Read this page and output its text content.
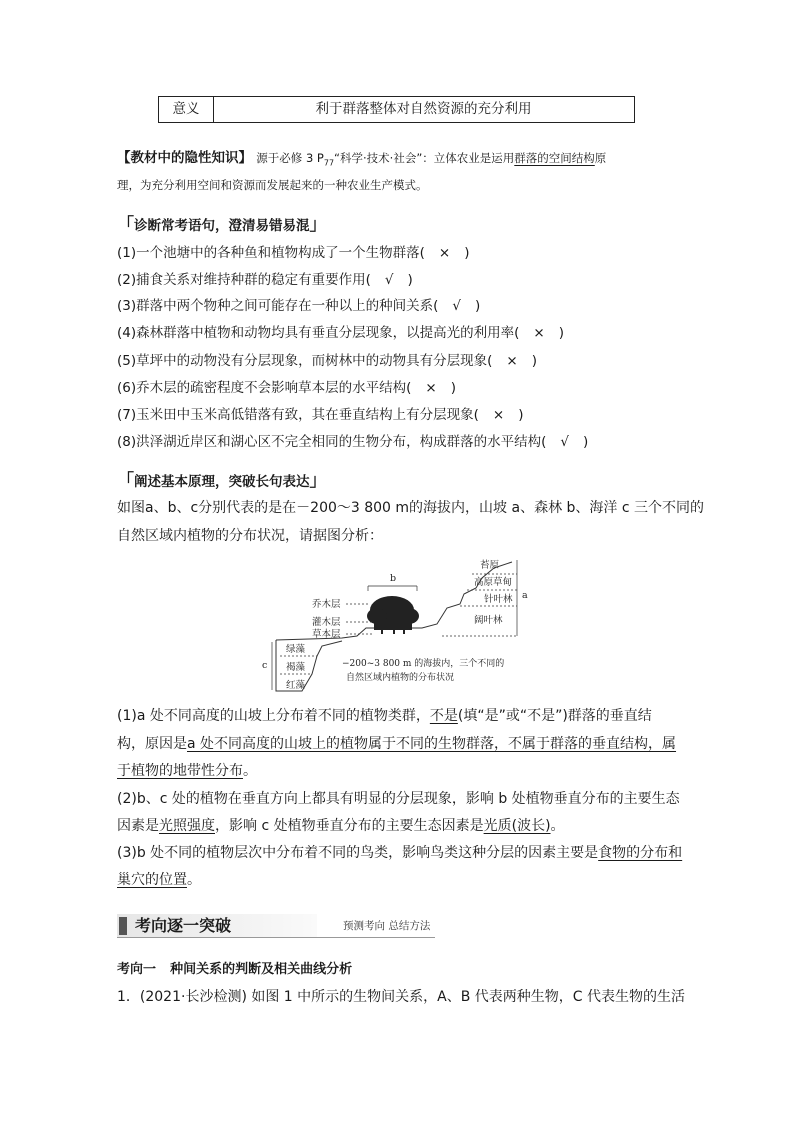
意义	利于群落整体对自然资源的充分利用
【教材中的隐性知识】 源于必修 3 $P_{77}“$科学·技术·社会”：立体农业是运用群落的空间结构原
理，为充分利用空间和资源而发展起来的一种农业生产模式。
「诊断常考语句，澄清易错易混」
(1)一个池塘中的各种鱼和植物构成了一个生物群落( × )
(2)捕食关系对维持种群的稳定有重要作用( √ )
(3)群落中两个物种之间可能存在一种以上的种间关系( √ )
(4)森林群落中植物和动物均具有垂直分层现象，以提高光的利用率( × )
(5)草坪中的动物没有分层现象，而树林中的动物具有分层现象( × )
(6)乔木层的疏密程度不会影响草本层的水平结构( × )
(7)玉米田中玉米高低错落有致，其在垂直结构上有分层现象( × )
(8)洪泽湖近岸区和湖心区不完全相同的生物分布，构成群落的水平结构( √ )
「阐述基本原理，突破长句表达」
如图a、b、c分别代表的是在－200～3 800 m的海拔内，山坡 a、森林 b、海洋 c 三个不同的
自然区域内植物的分布状况，请据图分析：
b
a
c
乔木层
灌木层
草本层
苔原
高原草甸
针叶林
阔叶林
绿藻
褐藻
红藻
−200~3 800 m 的海拔内，三个不同的
自然区域内植物的分布状况
(1)a 处不同高度的山坡上分布着不同的植物类群，不是(填“是”或“不是”)群落的垂直结
构，原因是a 处不同高度的山坡上的植物属于不同的生物群落，不属于群落的垂直结构，属
于植物的地带性分布。
(2)b、c 处的植物在垂直方向上都具有明显的分层现象，影响 b 处植物垂直分布的主要生态
因素是光照强度，影响 c 处植物垂直分布的主要生态因素是光质(波长)。
(3)b 处不同的植物层次中分布着不同的鸟类，影响鸟类这种分层的因素主要是食物的分布和
巢穴的位置。
考向逐一突破	预测考向 总结方法
考向一 种间关系的判断及相关曲线分析
1．(2021·长沙检测) 如图 1 中所示的生物间关系，A、B 代表两种生物，C 代表生物的生活
